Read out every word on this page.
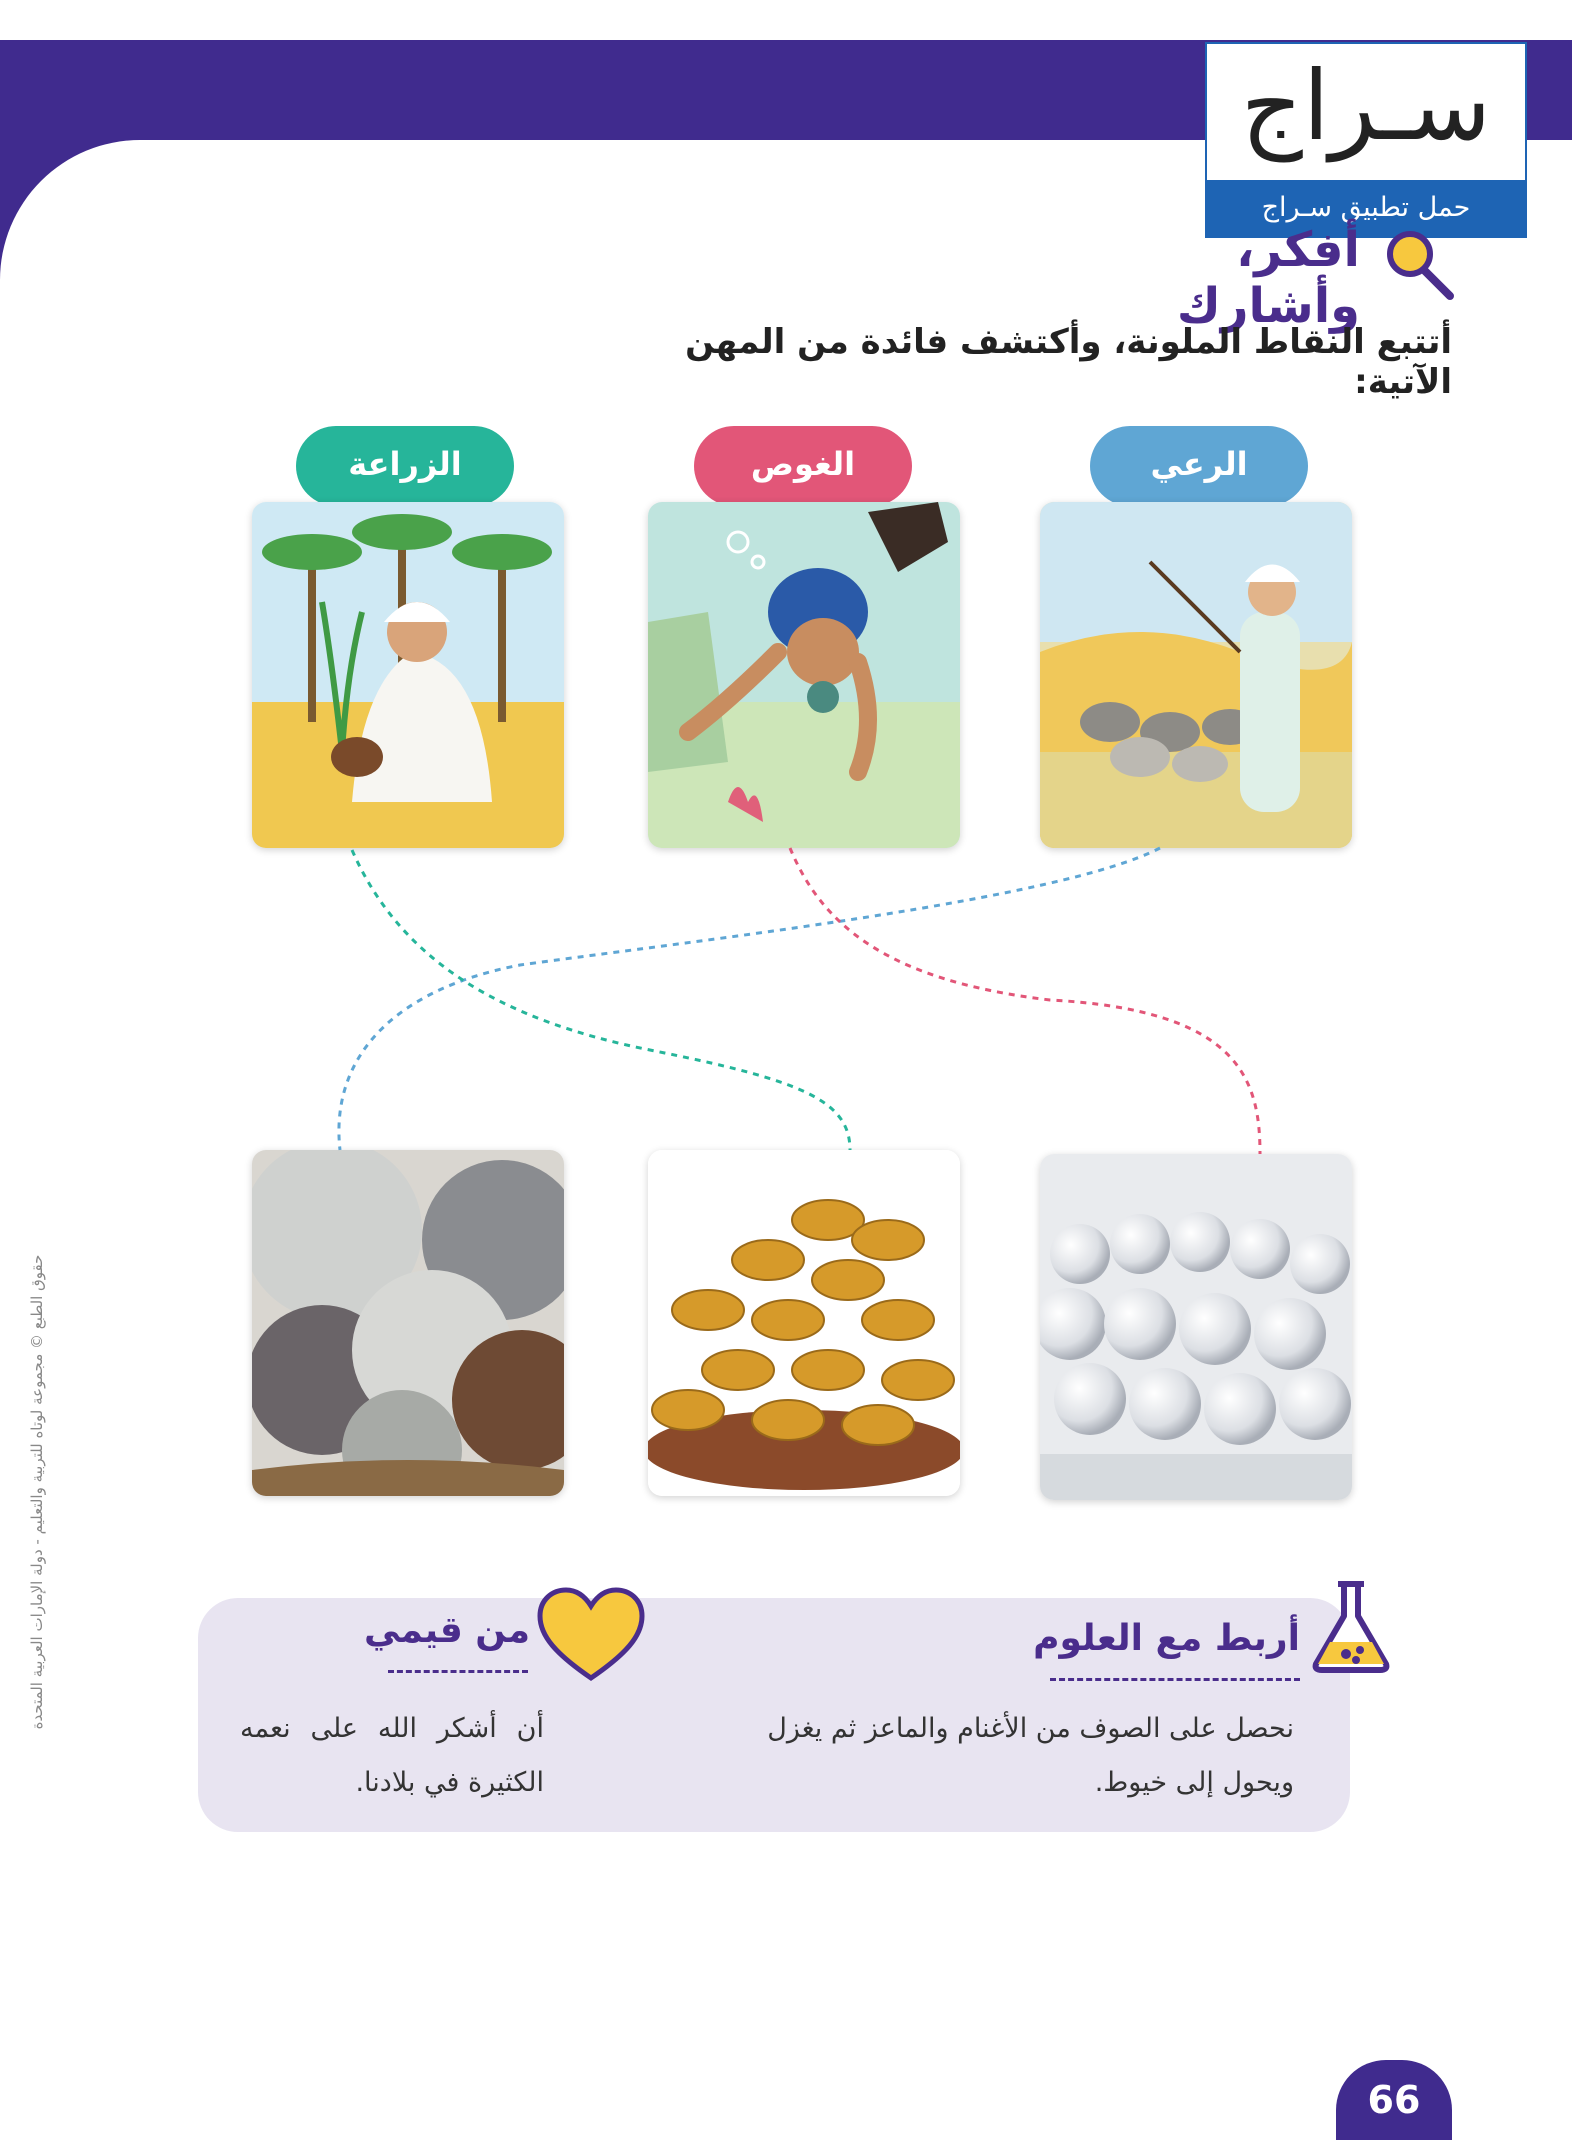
سـراج
حمل تطبيق سـراج
أفكر، وأشارك
أتتبع النقاط الملونة، وأكتشف فائدة من المهن الآتية:
الرعي
الغوص
الزراعة
أربط مع العلوم
نحصل على الصوف من الأغنام والماعز ثم يغزل ويحول إلى خيوط.
من قيمي
أن أشكر الله على نعمه الكثيرة في بلادنا.
حقوق الطبع © مجموعة لوتاه للتربية والتعليم - دولة الإمارات العربية المتحدة
66
